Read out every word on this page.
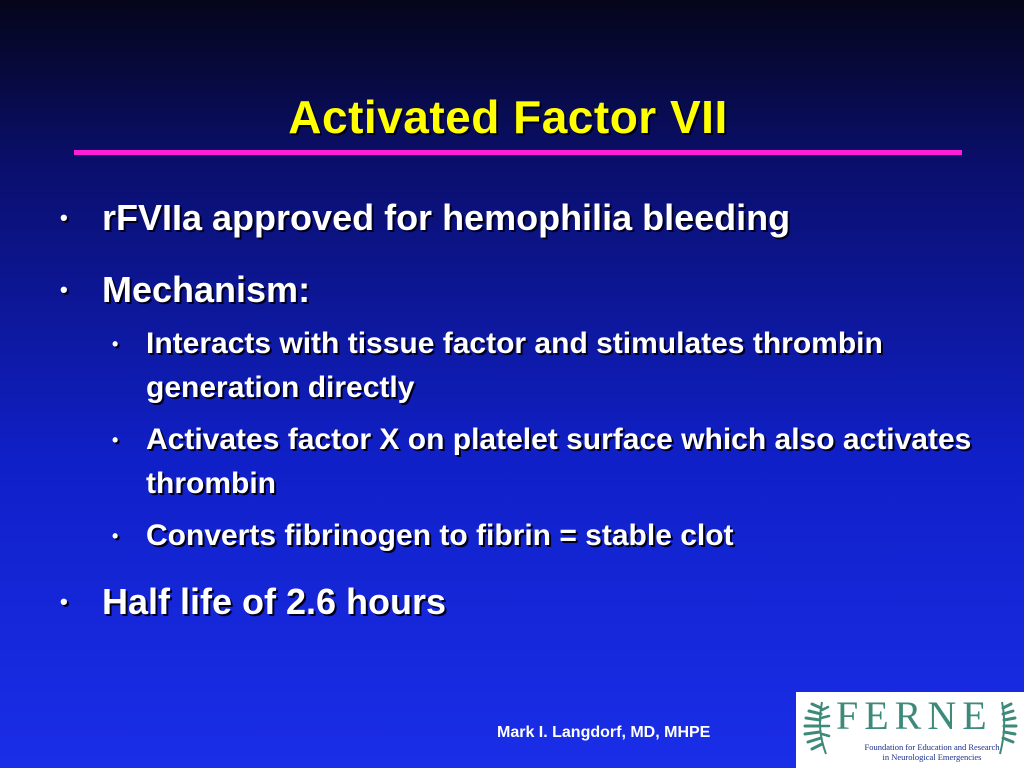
Activated Factor VII
• rFVIIa approved for hemophilia bleeding
• Mechanism:
• Interacts with tissue factor and stimulates thrombin generation directly
• Activates factor X on platelet surface which also activates thrombin
• Converts fibrinogen to fibrin = stable clot
• Half life of 2.6 hours
Mark I. Langdorf, MD, MHPE	FERNE
Foundation for Education and Research
in Neurological Emergencies
